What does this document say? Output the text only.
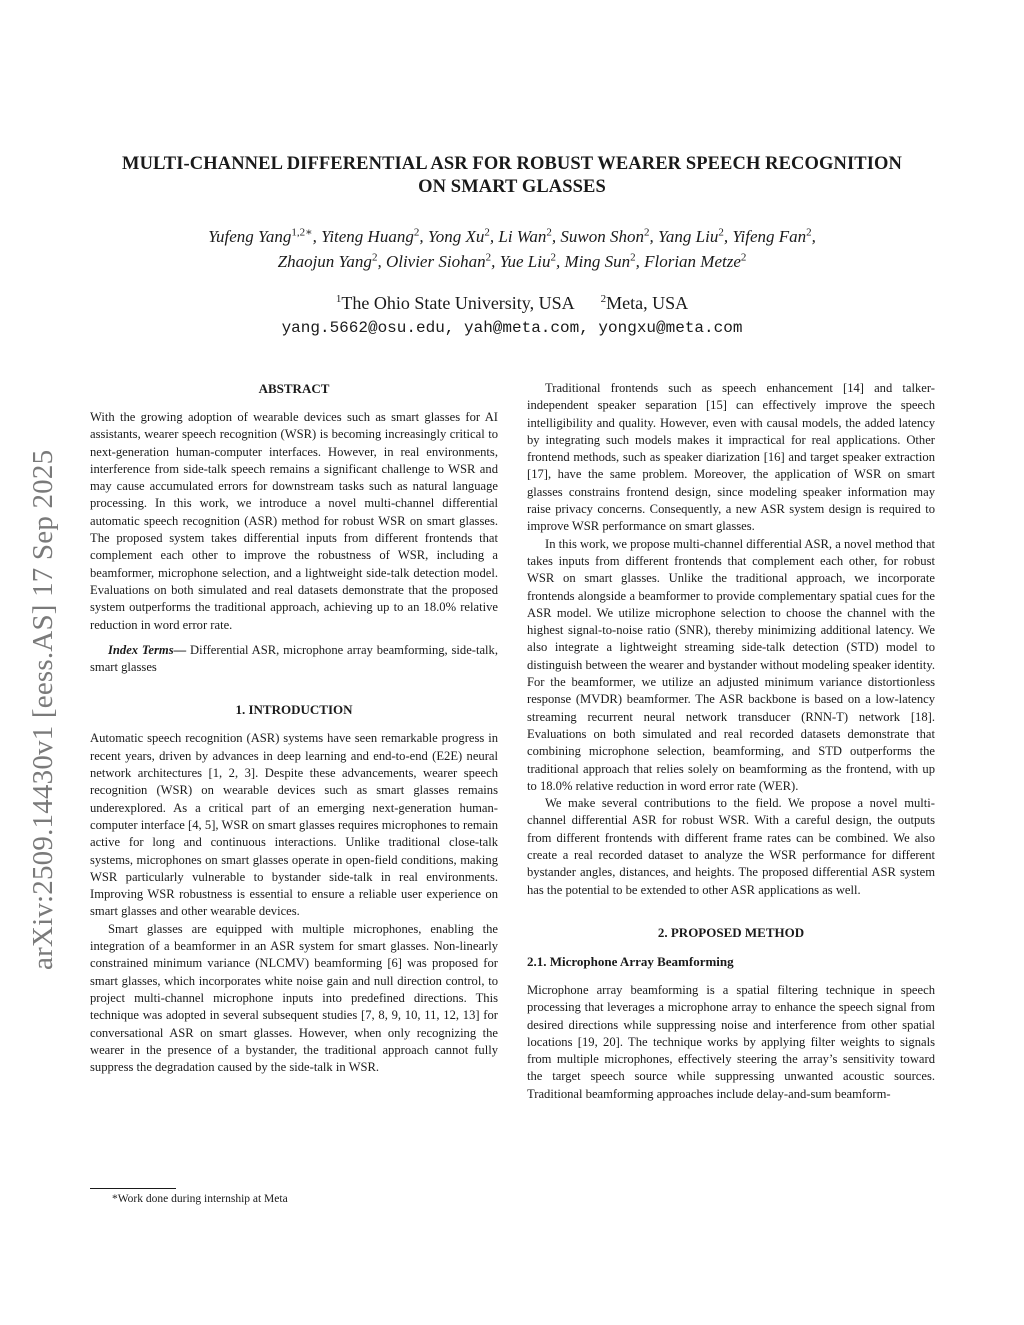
MULTI-CHANNEL DIFFERENTIAL ASR FOR ROBUST WEARER SPEECH RECOGNITION
ON SMART GLASSES
Yufeng Yang$^{1,2∗}$, Yiteng Huang$^2$, Yong Xu$^2$, Li Wan$^2$, Suwon Shon$^2$, Yang Liu$^2$, Yifeng Fan$^2$,
Zhaojun Yang$^2$, Olivier Siohan$^2$, Yue Liu$^2$, Ming Sun$^2$, Florian Metze$^2$
$^1$The Ohio State University, USA $^2$Meta, USA
yang.5662@osu.edu, yah@meta.com, yongxu@meta.com
arXiv:2509.14430v1 [eess.AS] 17 Sep 2025
ABSTRACT

With the growing adoption of wearable devices such as smart glasses for AI assistants, wearer speech recognition (WSR) is becoming increasingly critical to next-generation human-computer interfaces. However, in real environments, interference from side-talk speech remains a significant challenge to WSR and may cause accumulated errors for downstream tasks such as natural language processing. In this work, we introduce a novel multi-channel differential automatic speech recognition (ASR) method for robust WSR on smart glasses. The proposed system takes differential inputs from different frontends that complement each other to improve the robustness of WSR, including a beamformer, microphone selection, and a lightweight side-talk detection model. Evaluations on both simulated and real datasets demonstrate that the proposed system outperforms the traditional approach, achieving up to an 18.0% relative reduction in word error rate.

Index Terms— Differential ASR, microphone array beamforming, side-talk, smart glasses

1. INTRODUCTION

Automatic speech recognition (ASR) systems have seen remarkable progress in recent years, driven by advances in deep learning and end-to-end (E2E) neural network architectures [1, 2, 3]. Despite these advancements, wearer speech recognition (WSR) on wearable devices such as smart glasses remains underexplored. As a critical part of an emerging next-generation human-computer interface [4, 5], WSR on smart glasses requires microphones to remain active for long and continuous interactions. Unlike traditional close-talk systems, microphones on smart glasses operate in open-field conditions, making WSR particularly vulnerable to bystander side-talk in real environments. Improving WSR robustness is essential to ensure a reliable user experience on smart glasses and other wearable devices.

Smart glasses are equipped with multiple microphones, enabling the integration of a beamformer in an ASR system for smart glasses. Non-linearly constrained minimum variance (NLCMV) beamforming [6] was proposed for smart glasses, which incorporates white noise gain and null direction control, to project multi-channel microphone inputs into predefined directions. This technique was adopted in several subsequent studies [7, 8, 9, 10, 11, 12, 13] for conversational ASR on smart glasses. However, when only recognizing the wearer in the presence of a bystander, the traditional approach cannot fully suppress the degradation caused by the side-talk in WSR.

*Work done during internship at Meta

Traditional frontends such as speech enhancement [14] and talker-independent speaker separation [15] can effectively improve the speech intelligibility and quality. However, even with causal models, the added latency by integrating such models makes it impractical for real applications. Other frontend methods, such as speaker diarization [16] and target speaker extraction [17], have the same problem. Moreover, the application of WSR on smart glasses constrains frontend design, since modeling speaker information may raise privacy concerns. Consequently, a new ASR system design is required to improve WSR performance on smart glasses.

In this work, we propose multi-channel differential ASR, a novel method that takes inputs from different frontends that complement each other, for robust WSR on smart glasses. Unlike the traditional approach, we incorporate frontends alongside a beamformer to provide complementary spatial cues for the ASR model. We utilize microphone selection to choose the channel with the highest signal-to-noise ratio (SNR), thereby minimizing additional latency. We also integrate a lightweight streaming side-talk detection (STD) model to distinguish between the wearer and bystander without modeling speaker identity. For the beamformer, we utilize an adjusted minimum variance distortionless response (MVDR) beamformer. The ASR backbone is based on a low-latency streaming recurrent neural network transducer (RNN-T) network [18]. Evaluations on both simulated and real recorded datasets demonstrate that combining microphone selection, beamforming, and STD outperforms the traditional approach that relies solely on beamforming as the frontend, with up to 18.0% relative reduction in word error rate (WER).

We make several contributions to the field. We propose a novel multi-channel differential ASR for robust WSR. With a careful design, the outputs from different frontends with different frame rates can be combined. We also create a real recorded dataset to analyze the WSR performance for different bystander angles, distances, and heights. The proposed differential ASR system has the potential to be extended to other ASR applications as well.

2. PROPOSED METHOD
2.1. Microphone Array Beamforming

Microphone array beamforming is a spatial filtering technique in speech processing that leverages a microphone array to enhance the speech signal from desired directions while suppressing noise and interference from other spatial locations [19, 20]. The technique works by applying filter weights to signals from multiple microphones, effectively steering the array’s sensitivity toward the target speech source while suppressing unwanted acoustic sources. Traditional beamforming approaches include delay-and-sum beamform-
